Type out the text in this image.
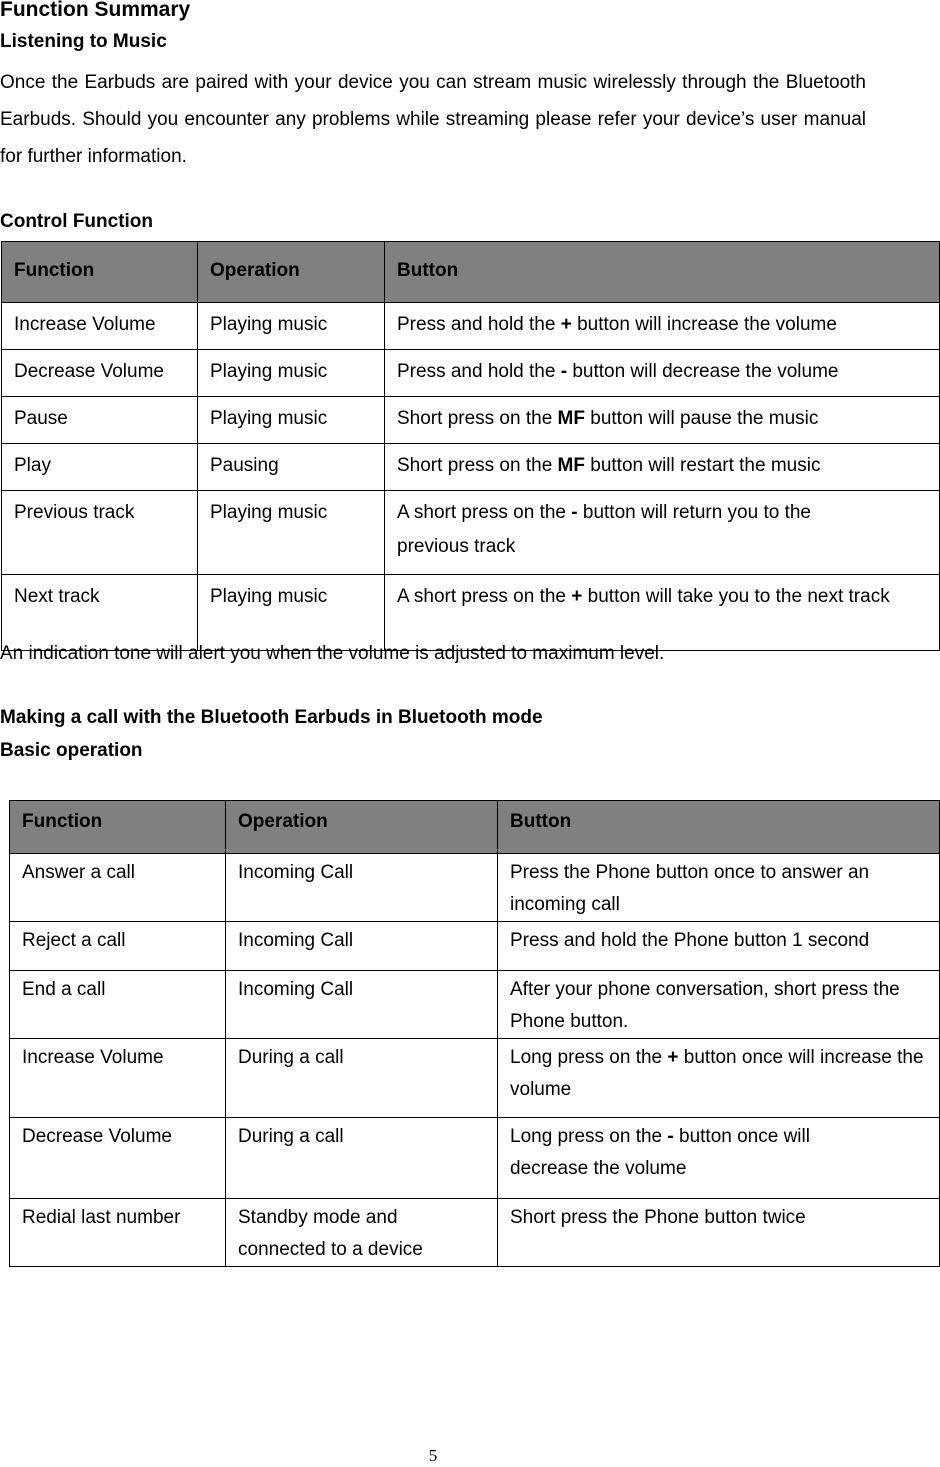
Function Summary
Listening to Music
Once the Earbuds are paired with your device you can stream music wirelessly through the Bluetooth Earbuds. Should you encounter any problems while streaming please refer your device’s user manual for further information.
Control Function
Function	Operation	Button
Increase Volume	Playing music	Press and hold the + button will increase the volume
Decrease Volume	Playing music	Press and hold the - button will decrease the volume
Pause	Playing music	Short press on the MF button will pause the music
Play	Pausing	Short press on the MF button will restart the music
Previous track	Playing music	A short press on the - button will return you to the previous track
Next track	Playing music	A short press on the + button will take you to the next track
An indication tone will alert you when the volume is adjusted to maximum level.
Making a call with the Bluetooth Earbuds in Bluetooth mode
Basic operation
Function	Operation	Button
Answer a call	Incoming Call	Press the Phone button once to answer an incoming call
Reject a call	Incoming Call	Press and hold the Phone button 1 second
End a call	Incoming Call	After your phone conversation, short press the Phone button.
Increase Volume	During a call	Long press on the + button once will increase the volume
Decrease Volume	During a call	Long press on the - button once will decrease the volume
Redial last number	Standby mode and connected to a device	Short press the Phone button twice
5
